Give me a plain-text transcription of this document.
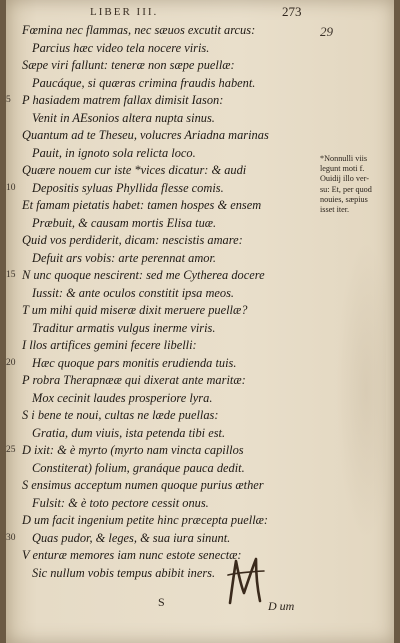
LIBER III.	273
29
Fœmina nec flammas, nec sæuos excutit arcus:
Parcius hæc video tela nocere viris.
Sæpe viri fallunt: teneræ non sæpe puellæ:
Paucáque, si quæras crimina fraudis habent.
5 P hasiadem matrem fallax dimisit Iason:
Venit in AEsonios altera nupta sinus.
Quantum ad te Theseu, volucres Ariadna marinas
Pauit, in ignoto sola relicta loco.
Quære nouem cur iste *vices dicatur: & audi
10	Depositis syluas Phyllida flesse comis.
Et famam pietatis habet: tamen hospes & ensem
Præbuit, & causam mortis Elisa tuæ.
Quid vos perdiderit, dicam: nescistis amare:
Defuit ars vobis: arte perennat amor.
15 N unc quoque nescirent: sed me Cytherea docere
Iussit: & ante oculos constitit ipsa meos.
T um mihi quid miseræ dixit meruere puellæ?
Traditur armatis vulgus inerme viris.
I llos artifices gemini fecere libelli:
20	Hæc quoque pars monitis erudienda tuis.
P robra Therapnææ qui dixerat ante maritæ:
Mox cecinit laudes prosperiore lyra.
S i bene te noui, cultas ne læde puellas:
Gratia, dum viuis, ista petenda tibi est.
25 D ixit: & è myrto (myrto nam vincta capillos
Constiterat) folium, granáque pauca dedit.
S ensimus acceptum numen quoque purius æther
Fulsit: & è toto pectore cessit onus.
D um facit ingenium petite hinc præcepta puellæ:
30	Quas pudor, & leges, & sua iura sinunt.
V enturæ memores iam nunc estote senectæ:
Sic nullum vobis tempus abibit iners.
*Nonnulli viis
legunt moti f.
Ouidij illo ver-
su: Et, per quod
nouies, sæpius
isset iter.
S	D um
